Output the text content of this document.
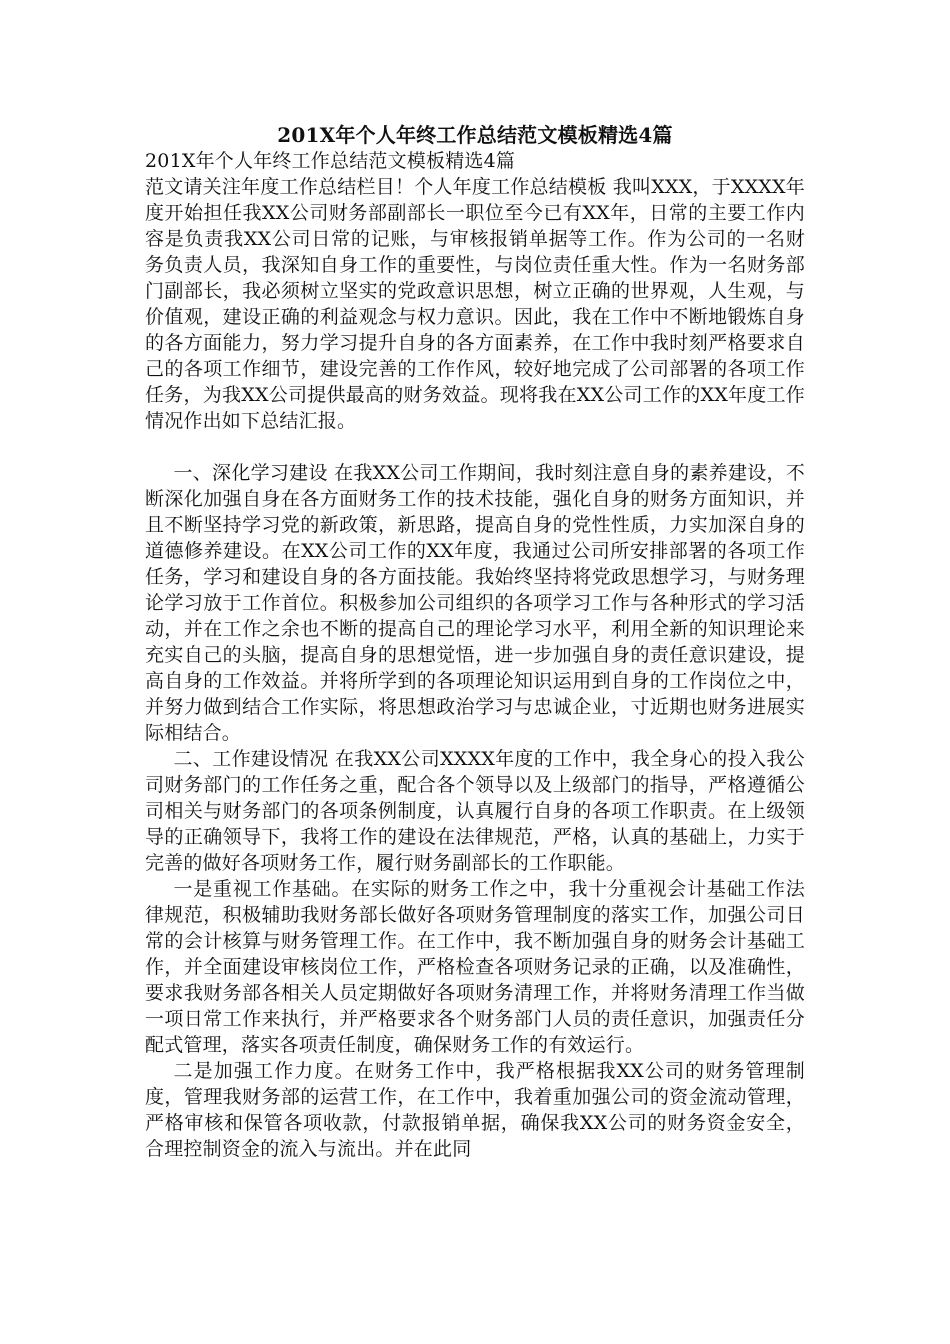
201X年个人年终工作总结范文模板精选4篇

201X年个人年终工作总结范文模板精选4篇

范文请关注年度工作总结栏目！个人年度工作总结模板 我叫XXX，于XXXX年度开始担任我XX公司财务部副部长一职位至今已有XX年，日常的主要工作内容是负责我XX公司日常的记账，与审核报销单据等工作。作为公司的一名财务负责人员，我深知自身工作的重要性，与岗位责任重大性。作为一名财务部门副部长，我必须树立坚实的党政意识思想，树立正确的世界观，人生观，与价值观，建设正确的利益观念与权力意识。因此，我在工作中不断地锻炼自身的各方面能力，努力学习提升自身的各方面素养，在工作中我时刻严格要求自己的各项工作细节，建设完善的工作作风，较好地完成了公司部署的各项工作任务，为我XX公司提供最高的财务效益。现将我在XX公司工作的XX年度工作情况作出如下总结汇报。

一、深化学习建设 在我XX公司工作期间，我时刻注意自身的素养建设，不断深化加强自身在各方面财务工作的技术技能，强化自身的财务方面知识，并且不断坚持学习党的新政策，新思路，提高自身的党性性质，力实加深自身的道德修养建设。在XX公司工作的XX年度，我通过公司所安排部署的各项工作任务，学习和建设自身的各方面技能。我始终坚持将党政思想学习，与财务理论学习放于工作首位。积极参加公司组织的各项学习工作与各种形式的学习活动，并在工作之余也不断的提高自己的理论学习水平，利用全新的知识理论来充实自己的头脑，提高自身的思想觉悟，进一步加强自身的责任意识建设，提高自身的工作效益。并将所学到的各项理论知识运用到自身的工作岗位之中，并努力做到结合工作实际，将思想政治学习与忠诚企业，寸近期也财务进展实际相结合。

二、工作建设情况 在我XX公司XXXX年度的工作中，我全身心的投入我公司财务部门的工作任务之重，配合各个领导以及上级部门的指导，严格遵循公司相关与财务部门的各项条例制度，认真履行自身的各项工作职责。在上级领导的正确领导下，我将工作的建设在法律规范，严格，认真的基础上，力实于完善的做好各项财务工作，履行财务副部长的工作职能。

一是重视工作基础。在实际的财务工作之中，我十分重视会计基础工作法律规范，积极辅助我财务部长做好各项财务管理制度的落实工作，加强公司日常的会计核算与财务管理工作。在工作中，我不断加强自身的财务会计基础工作，并全面建设审核岗位工作，严格检查各项财务记录的正确，以及准确性，要求我财务部各相关人员定期做好各项财务清理工作，并将财务清理工作当做一项日常工作来执行，并严格要求各个财务部门人员的责任意识，加强责任分配式管理，落实各项责任制度，确保财务工作的有效运行。

二是加强工作力度。在财务工作中，我严格根据我XX公司的财务管理制度，管理我财务部的运营工作，在工作中，我着重加强公司的资金流动管理，严格审核和保管各项收款，付款报销单据，确保我XX公司的财务资金安全，合理控制资金的流入与流出。并在此同
